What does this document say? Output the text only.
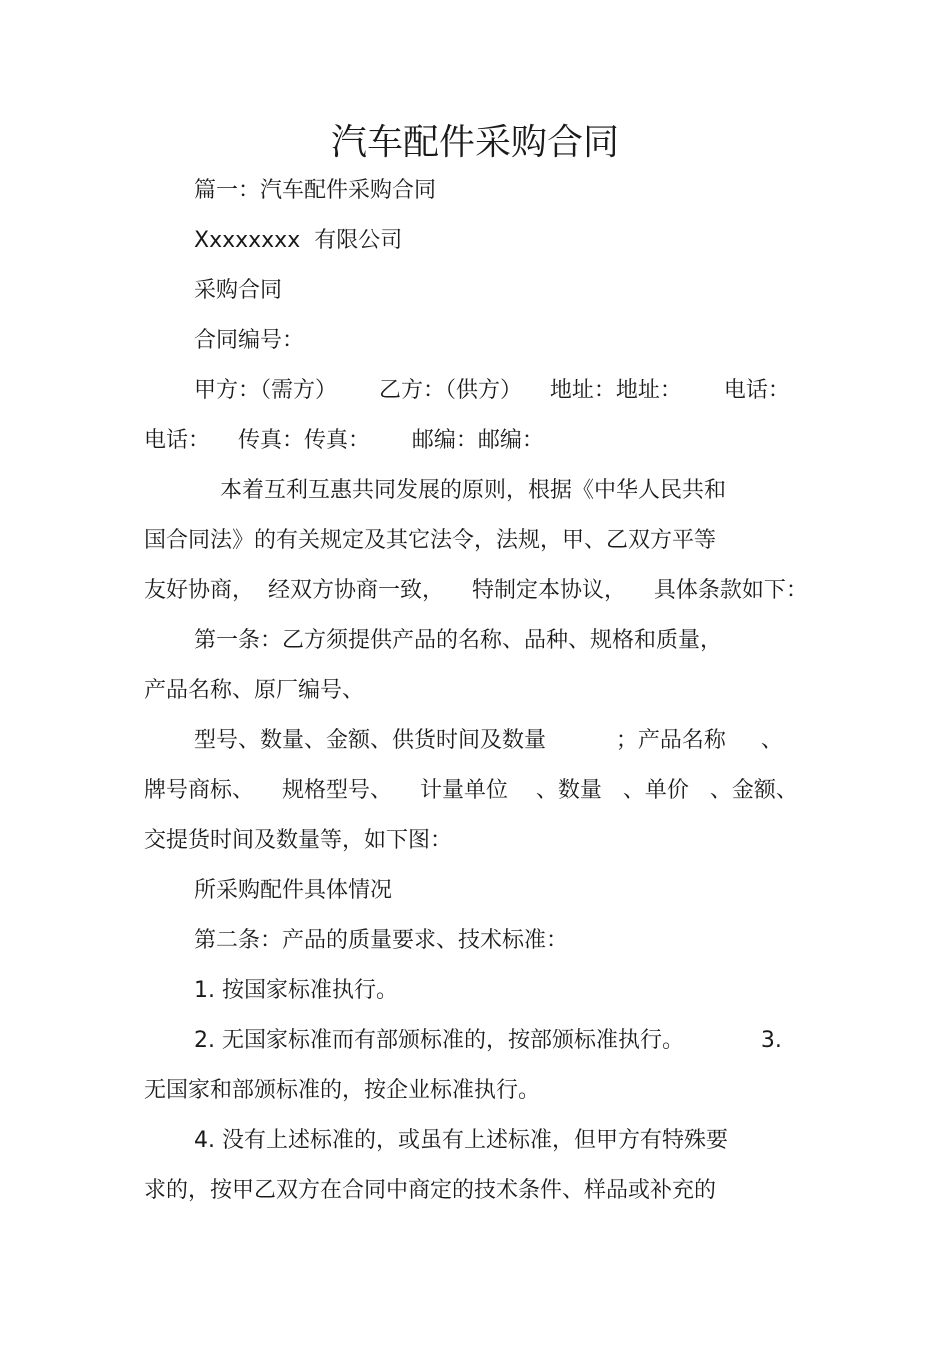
汽车配件采购合同
篇一：汽车配件采购合同
Xxxxxxxx  有限公司
采购合同
合同编号：
甲方：（需方）      乙方：（供方）    地址：地址：      电话：
电话：    传真：传真：      邮编：邮编：
本着互利互惠共同发展的原则，根据《中华人民共和
国合同法》的有关规定及其它法令，法规，甲、乙双方平等
友好协商，  经双方协商一致，    特制定本协议，    具体条款如下：
第一条：乙方须提供产品的名称、品种、规格和质量，
产品名称、原厂编号、
型号、数量、金额、供货时间及数量          ；产品名称     、
牌号商标、    规格型号、    计量单位    、数量   、单价   、金额、
交提货时间及数量等，如下图：
所采购配件具体情况
第二条：产品的质量要求、技术标准：
1. 按国家标准执行。
2. 无国家标准而有部颁标准的，按部颁标准执行。           3.
无国家和部颁标准的，按企业标准执行。
4. 没有上述标准的，或虽有上述标准，但甲方有特殊要
求的，按甲乙双方在合同中商定的技术条件、样品或补充的
